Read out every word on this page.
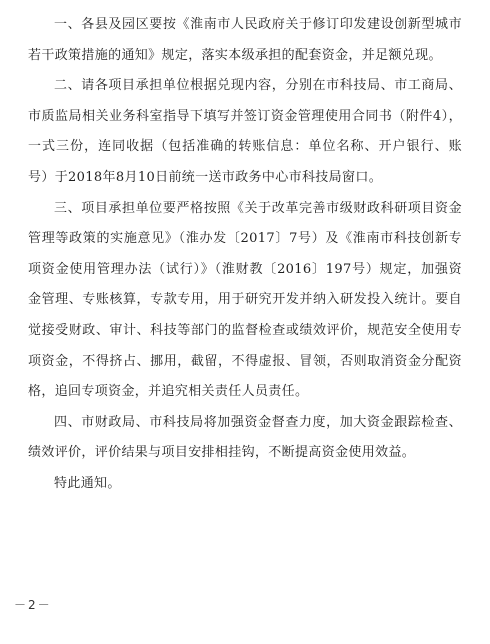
一、各县及园区要按《淮南市人民政府关于修订印发建设创新型城市若干政策措施的通知》规定，落实本级承担的配套资金，并足额兑现。

二、请各项目承担单位根据兑现内容，分别在市科技局、市工商局、市质监局相关业务科室指导下填写并签订资金管理使用合同书（附件4），一式三份，连同收据（包括准确的转账信息：单位名称、开户银行、账号）于2018年8月10日前统一送市政务中心市科技局窗口。

三、项目承担单位要严格按照《关于改革完善市级财政科研项目资金管理等政策的实施意见》（淮办发〔2017〕7号）及《淮南市科技创新专项资金使用管理办法（试行）》（淮财教〔2016〕197号）规定，加强资金管理、专账核算，专款专用，用于研究开发并纳入研发投入统计。要自觉接受财政、审计、科技等部门的监督检查或绩效评价，规范安全使用专项资金，不得挤占、挪用，截留，不得虚报、冒领，否则取消资金分配资格，追回专项资金，并追究相关责任人员责任。

四、市财政局、市科技局将加强资金督查力度，加大资金跟踪检查、绩效评价，评价结果与项目安排相挂钩，不断提高资金使用效益。

特此通知。

－2－
